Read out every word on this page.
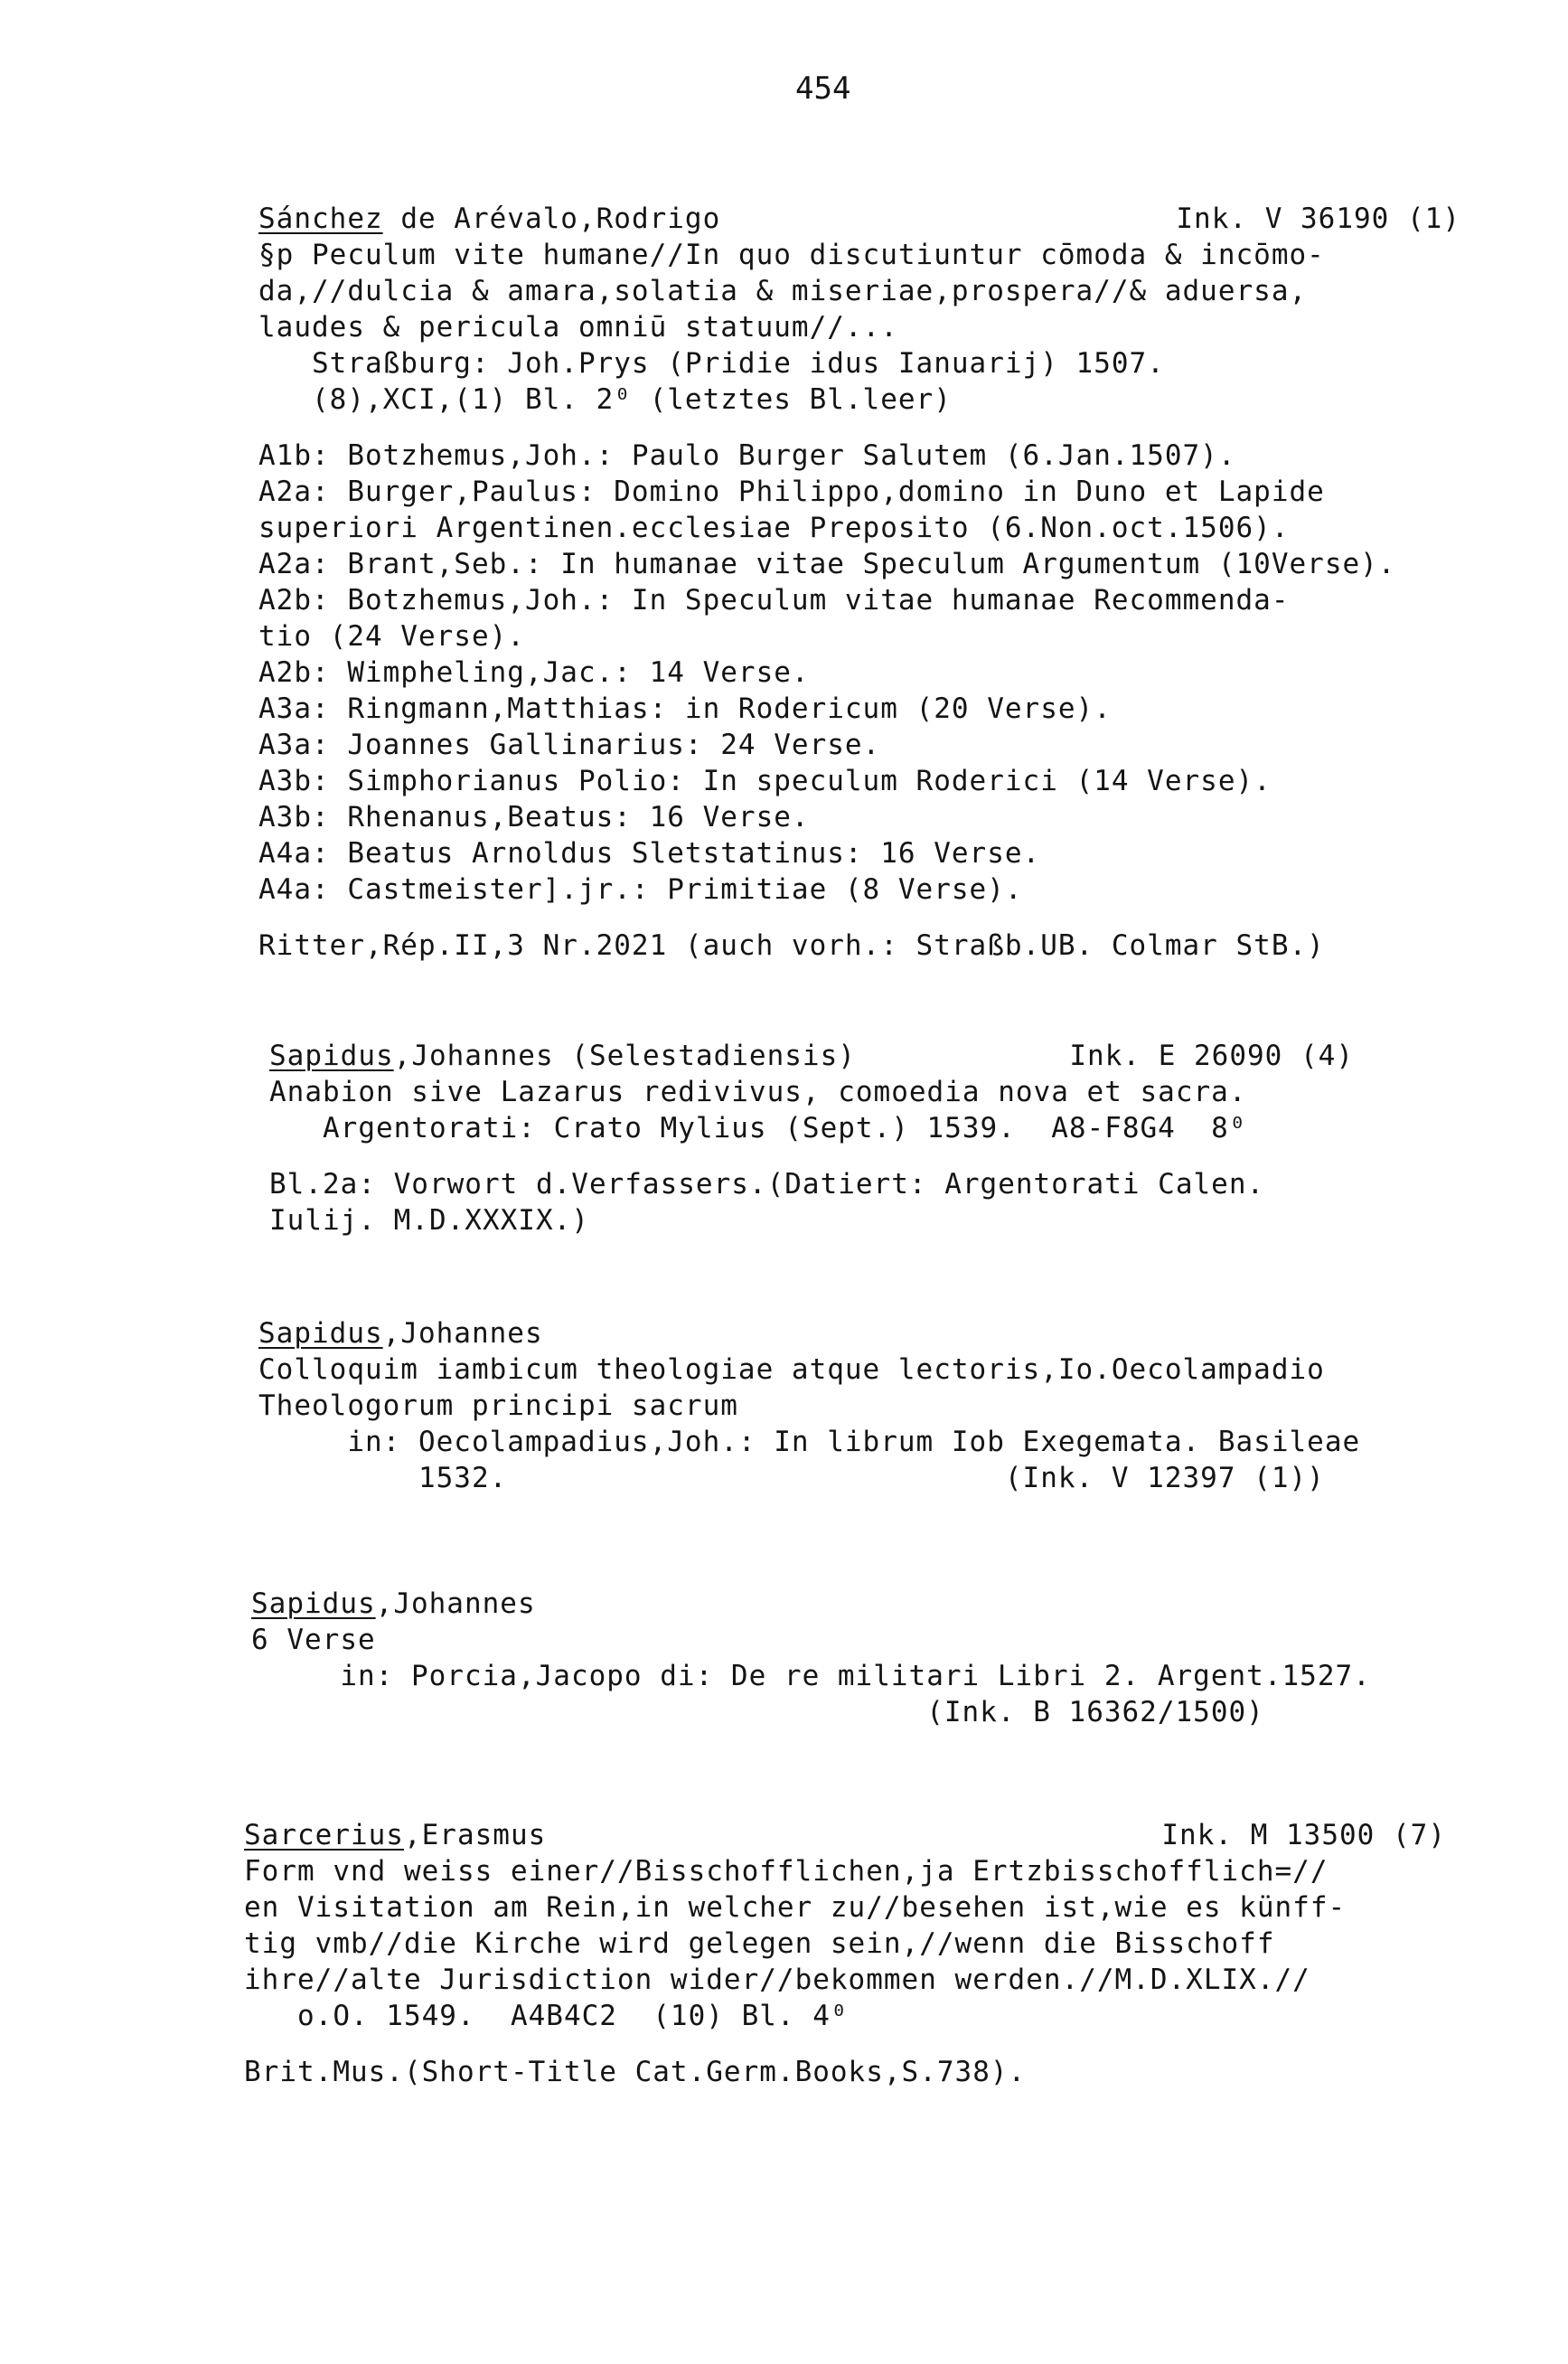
454
Sánchez de Arévalo,Rodrigo	Ink. V 36190 (1)
§p Peculum vite humane//In quo discutiuntur cōmoda & incōmo-
da,//dulcia & amara,solatia & miseriae,prospera//& aduersa,
laudes & pericula omniū statuum//...
Straßburg: Joh.Prys (Pridie idus Ianuarij) 1507.
(8),XCI,(1) Bl. 2⁰ (letztes Bl.leer)
A1b: Botzhemus,Joh.: Paulo Burger Salutem (6.Jan.1507).
A2a: Burger,Paulus: Domino Philippo,domino in Duno et Lapide
superiori Argentinen.ecclesiae Preposito (6.Non.oct.1506).
A2a: Brant,Seb.: In humanae vitae Speculum Argumentum (10Verse).
A2b: Botzhemus,Joh.: In Speculum vitae humanae Recommenda-
tio (24 Verse).
A2b: Wimpheling,Jac.: 14 Verse.
A3a: Ringmann,Matthias: in Rodericum (20 Verse).
A3a: Joannes Gallinarius: 24 Verse.
A3b: Simphorianus Polio: In speculum Roderici (14 Verse).
A3b: Rhenanus,Beatus: 16 Verse.
A4a: Beatus Arnoldus Sletstatinus: 16 Verse.
A4a: Castmeister].jr.: Primitiae (8 Verse).
Ritter,Rép.II,3 Nr.2021 (auch vorh.: Straßb.UB. Colmar StB.)
Sapidus,Johannes (Selestadiensis)	Ink. E 26090 (4)
Anabion sive Lazarus redivivus, comoedia nova et sacra.
Argentorati: Crato Mylius (Sept.) 1539.  A8-F8G4  8⁰
Bl.2a: Vorwort d.Verfassers.(Datiert: Argentorati Calen.
Iulij. M.D.XXXIX.)
Sapidus,Johannes
Colloquim iambicum theologiae atque lectoris,Io.Oecolampadio
Theologorum principi sacrum
in: Oecolampadius,Joh.: In librum Iob Exegemata. Basileae
1532.                            (Ink. V 12397 (1))
Sapidus,Johannes
6 Verse
in: Porcia,Jacopo di: De re militari Libri 2. Argent.1527.
(Ink. B 16362/1500)
Sarcerius,Erasmus	Ink. M 13500 (7)
Form vnd weiss einer//Bisschofflichen,ja Ertzbisschofflich=//
en Visitation am Rein,in welcher zu//besehen ist,wie es künff-
tig vmb//die Kirche wird gelegen sein,//wenn die Bisschoff
ihre//alte Jurisdiction wider//bekommen werden.//M.D.XLIX.//
o.O. 1549.  A4B4C2  (10) Bl. 4⁰
Brit.Mus.(Short-Title Cat.Germ.Books,S.738).
